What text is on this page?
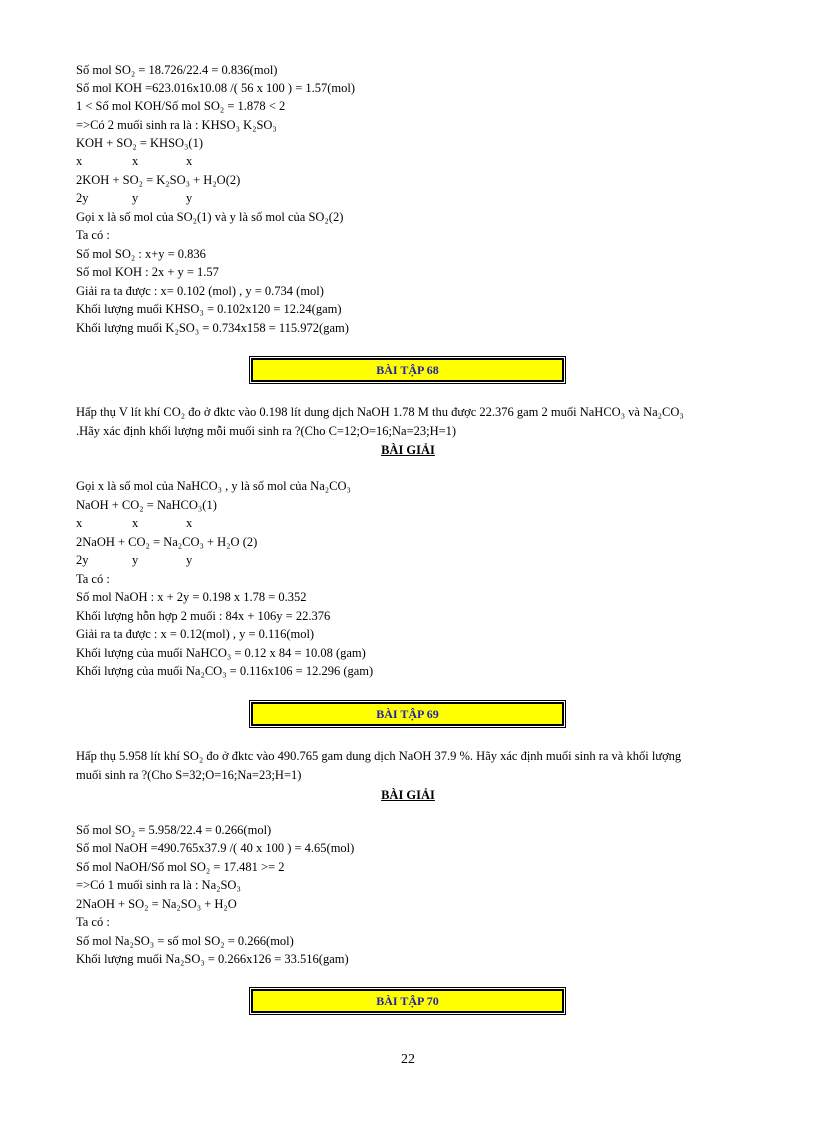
Số mol SO₂ = 18.726/22.4 = 0.836(mol)
Số mol KOH =623.016x10.08 /( 56 x 100 ) = 1.57(mol)
1 < Số mol KOH/Số mol SO₂ = 1.878 < 2
=>Có 2 muối sinh ra là : KHSO₃ K₂SO₃
KOH + SO₂ = KHSO₃(1)
x	x	x
2KOH + SO₂ = K₂SO₃ + H₂O(2)
2y	y	y
Gọi x là số mol của SO₂(1) và y là số mol của SO₂(2)
Ta có :
Số mol SO₂ : x+y = 0.836
Số mol KOH : 2x + y = 1.57
Giải ra ta được : x= 0.102 (mol) , y = 0.734 (mol)
Khối lượng muối KHSO₃ = 0.102x120 = 12.24(gam)
Khối lượng muối K₂SO₃ = 0.734x158 = 115.972(gam)
BÀI TẬP 68
Hấp thụ V lít khí CO₂ đo ở đktc vào 0.198 lít dung dịch NaOH 1.78 M thu được 22.376 gam 2 muối NaHCO₃ và Na₂CO₃
.Hãy xác định khối lượng mỗi muối sinh ra ?(Cho C=12;O=16;Na=23;H=1)
BÀI GIẢI
Gọi x là số mol của NaHCO₃ , y là số mol của Na₂CO₃
NaOH + CO₂ = NaHCO₃(1)
x	x	x
2NaOH + CO₂ = Na₂CO₃ + H₂O (2)
2y	y	y
Ta có :
Số mol NaOH : x + 2y = 0.198 x 1.78 = 0.352
Khối lượng hỗn hợp 2 muối : 84x + 106y = 22.376
Giải ra ta được : x = 0.12(mol) , y = 0.116(mol)
Khối lượng của muối NaHCO₃ = 0.12 x 84 = 10.08 (gam)
Khối lượng của muối Na₂CO₃ = 0.116x106 = 12.296 (gam)
BÀI TẬP 69
Hấp thụ 5.958 lít khí SO₂ đo ở đktc vào 490.765 gam dung dịch NaOH 37.9 %. Hãy xác định muối sinh ra và khối lượng
muối sinh ra ?(Cho S=32;O=16;Na=23;H=1)
BÀI GIẢI
Số mol SO₂ = 5.958/22.4 = 0.266(mol)
Số mol NaOH =490.765x37.9 /( 40 x 100 ) = 4.65(mol)
Số mol NaOH/Số mol SO₂ = 17.481 >= 2
=>Có 1 muối sinh ra là : Na₂SO₃
2NaOH + SO₂ = Na₂SO₃ + H₂O
Ta có :
Số mol Na₂SO₃ = số mol SO₂ = 0.266(mol)
Khối lượng muối Na₂SO₃ = 0.266x126 = 33.516(gam)
BÀI TẬP 70
22
